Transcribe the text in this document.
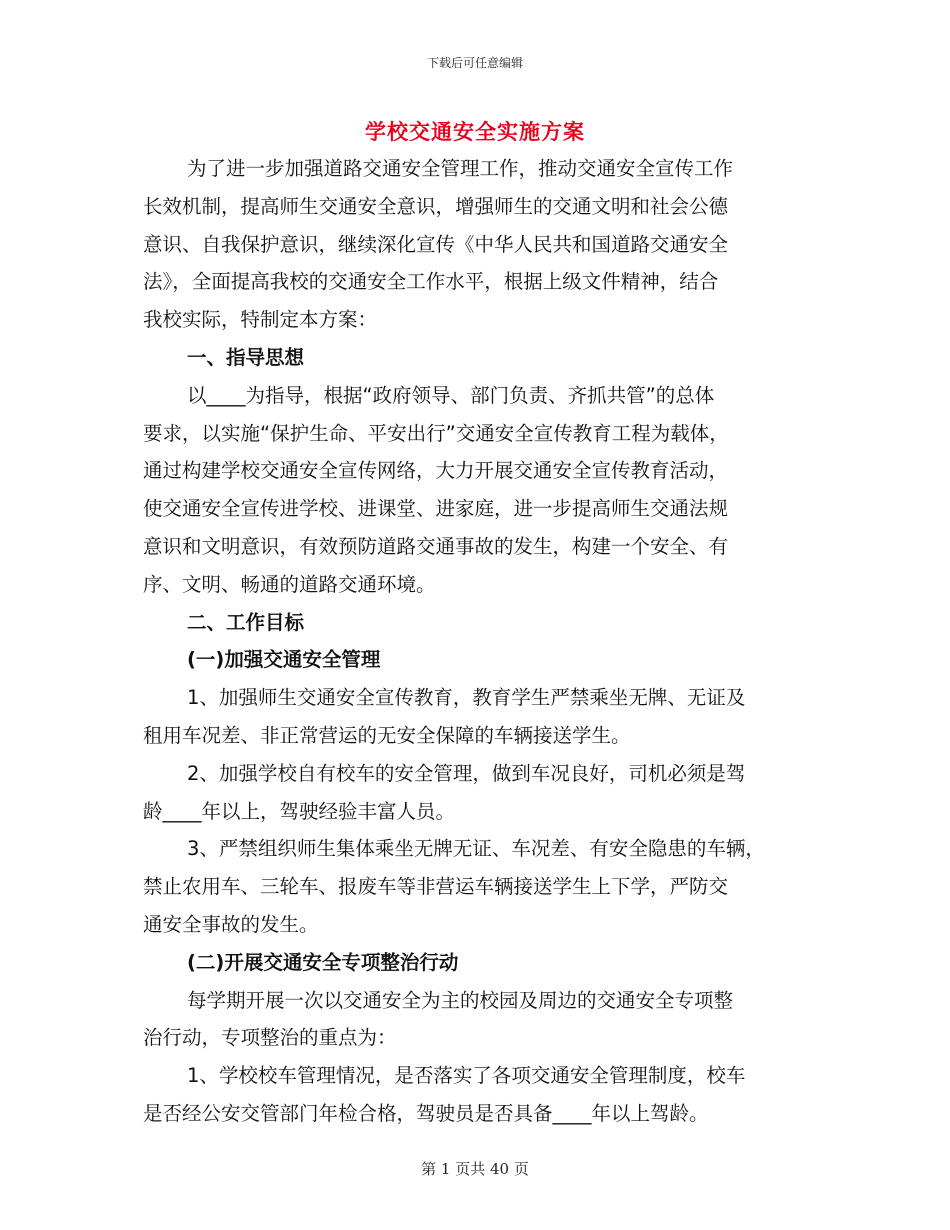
下载后可任意编辑
学校交通安全实施方案
为了进一步加强道路交通安全管理工作，推动交通安全宣传工作
长效机制，提高师生交通安全意识，增强师生的交通文明和社会公德
意识、自我保护意识，继续深化宣传《中华人民共和国道路交通安全
法》，全面提高我校的交通安全工作水平，根据上级文件精神，结合
我校实际，特制定本方案：
一、指导思想
以____为指导，根据“政府领导、部门负责、齐抓共管”的总体
要求，以实施“保护生命、平安出行”交通安全宣传教育工程为载体，
通过构建学校交通安全宣传网络，大力开展交通安全宣传教育活动，
使交通安全宣传进学校、进课堂、进家庭，进一步提高师生交通法规
意识和文明意识，有效预防道路交通事故的发生，构建一个安全、有
序、文明、畅通的道路交通环境。
二、工作目标
(一)加强交通安全管理
1、加强师生交通安全宣传教育，教育学生严禁乘坐无牌、无证及
租用车况差、非正常营运的无安全保障的车辆接送学生。
2、加强学校自有校车的安全管理，做到车况良好，司机必须是驾
龄____年以上，驾驶经验丰富人员。
3、严禁组织师生集体乘坐无牌无证、车况差、有安全隐患的车辆，
禁止农用车、三轮车、报废车等非营运车辆接送学生上下学，严防交
通安全事故的发生。
(二)开展交通安全专项整治行动
每学期开展一次以交通安全为主的校园及周边的交通安全专项整
治行动，专项整治的重点为：
1、学校校车管理情况，是否落实了各项交通安全管理制度，校车
是否经公安交管部门年检合格，驾驶员是否具备____年以上驾龄。
第 1 页共 40 页
